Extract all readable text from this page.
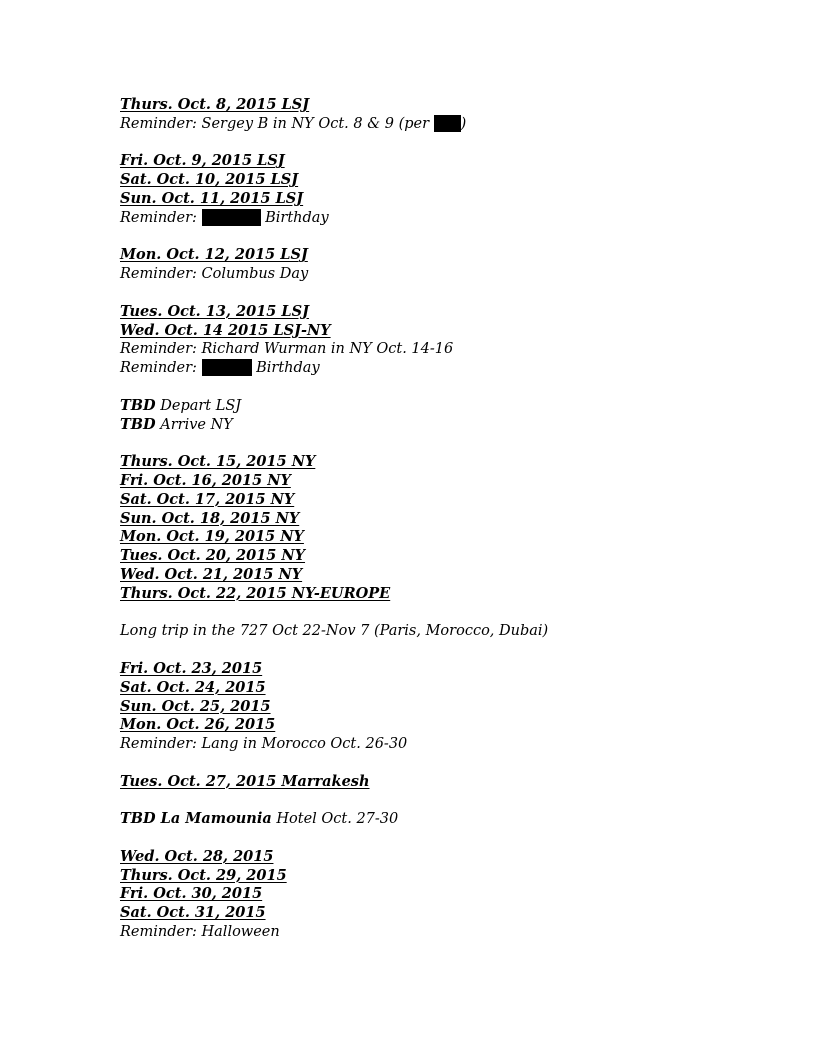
Thurs. Oct. 8, 2015 LSJ
Reminder: Sergey B in NY Oct. 8 & 9 (per )
Fri. Oct. 9, 2015 LSJ
Sat. Oct. 10, 2015 LSJ
Sun. Oct. 11, 2015 LSJ
Reminder:	Birthday
Mon. Oct. 12, 2015 LSJ
Reminder: Columbus Day
Tues. Oct. 13, 2015 LSJ
Wed. Oct. 14 2015 LSJ-NY
Reminder: Richard Wurman in NY Oct. 14-16
Reminder:	Birthday
TBD Depart LSJ
TBD Arrive NY
Thurs. Oct. 15, 2015 NY
Fri. Oct. 16, 2015 NY
Sat. Oct. 17, 2015 NY
Sun. Oct. 18, 2015 NY
Mon. Oct. 19, 2015 NY
Tues. Oct. 20, 2015 NY
Wed. Oct. 21, 2015 NY
Thurs. Oct. 22, 2015 NY-EUROPE
Long trip in the 727 Oct 22-Nov 7 (Paris, Morocco, Dubai)
Fri. Oct. 23, 2015
Sat. Oct. 24, 2015
Sun. Oct. 25, 2015
Mon. Oct. 26, 2015
Reminder: Lang in Morocco Oct. 26-30
Tues. Oct. 27, 2015 Marrakesh
TBD La Mamounia Hotel Oct. 27-30
Wed. Oct. 28, 2015
Thurs. Oct. 29, 2015
Fri. Oct. 30, 2015
Sat. Oct. 31, 2015
Reminder: Halloween
